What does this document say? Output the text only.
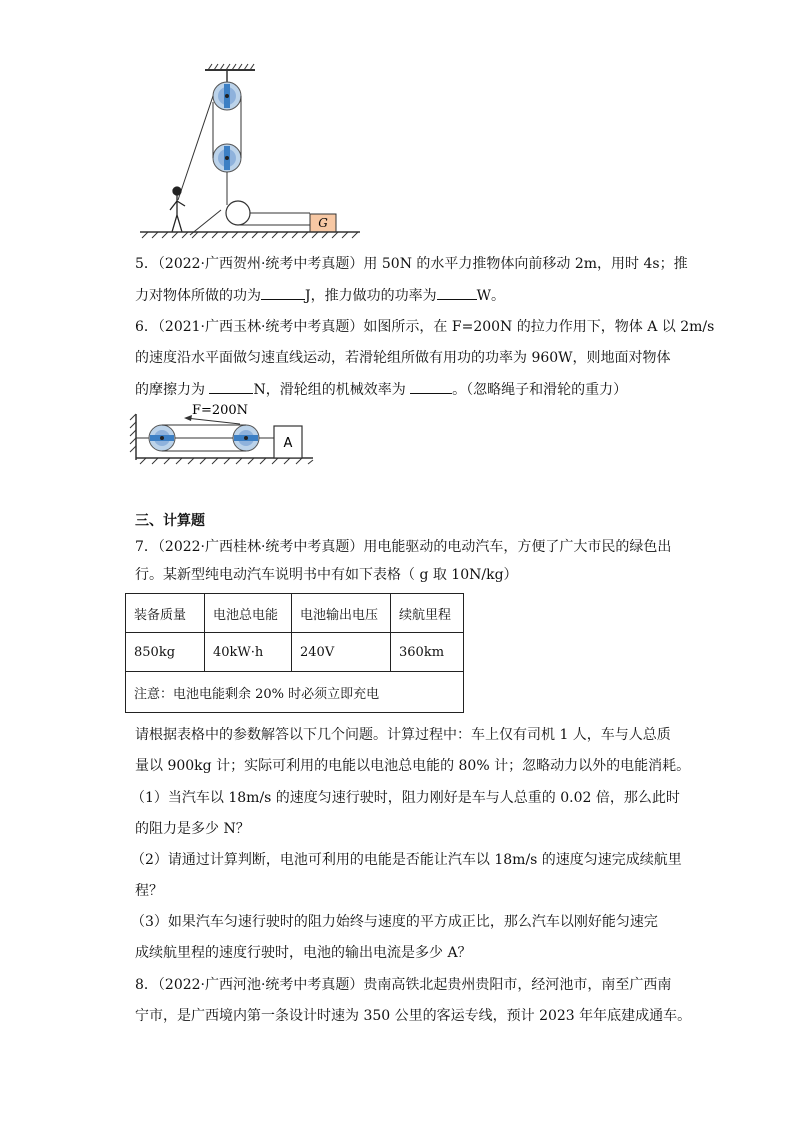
G
5．（2022·广西贺州·统考中考真题）用 50N 的水平力推物体向前移动 2m，用时 4s；推
力对物体所做的功为	J，推力做功的功率为	W。
6．（2021·广西玉林·统考中考真题）如图所示，在 F=200N 的拉力作用下，物体 A 以 2m/s
的速度沿水平面做匀速直线运动，若滑轮组所做有用功的功率为 960W，则地面对物体
的摩擦力为	N，滑轮组的机械效率为	。（忽略绳子和滑轮的重力）
F=200N
A
三、计算题
7．（2022·广西桂林·统考中考真题）用电能驱动的电动汽车，方便了广大市民的绿色出
行。某新型纯电动汽车说明书中有如下表格（ g 取 10N/kg）
装备质量	电池总电能	电池输出电压	续航里程
850kg	40kW·h	240V	360km
注意：电池电能剩余 20% 时必须立即充电			
请根据表格中的参数解答以下几个问题。计算过程中：车上仅有司机 1 人，车与人总质
量以 900kg 计；实际可利用的电能以电池总电能的 80% 计；忽略动力以外的电能消耗。
（1）当汽车以 18m/s 的速度匀速行驶时，阻力刚好是车与人总重的 0.02 倍，那么此时
的阻力是多少 N？
（2）请通过计算判断，电池可利用的电能是否能让汽车以 18m/s 的速度匀速完成续航里
程？
（3）如果汽车匀速行驶时的阻力始终与速度的平方成正比，那么汽车以刚好能匀速完
成续航里程的速度行驶时，电池的输出电流是多少 A？
8．（2022·广西河池·统考中考真题）贵南高铁北起贵州贵阳市，经河池市，南至广西南
宁市，是广西境内第一条设计时速为 350 公里的客运专线，预计 2023 年年底建成通车。
